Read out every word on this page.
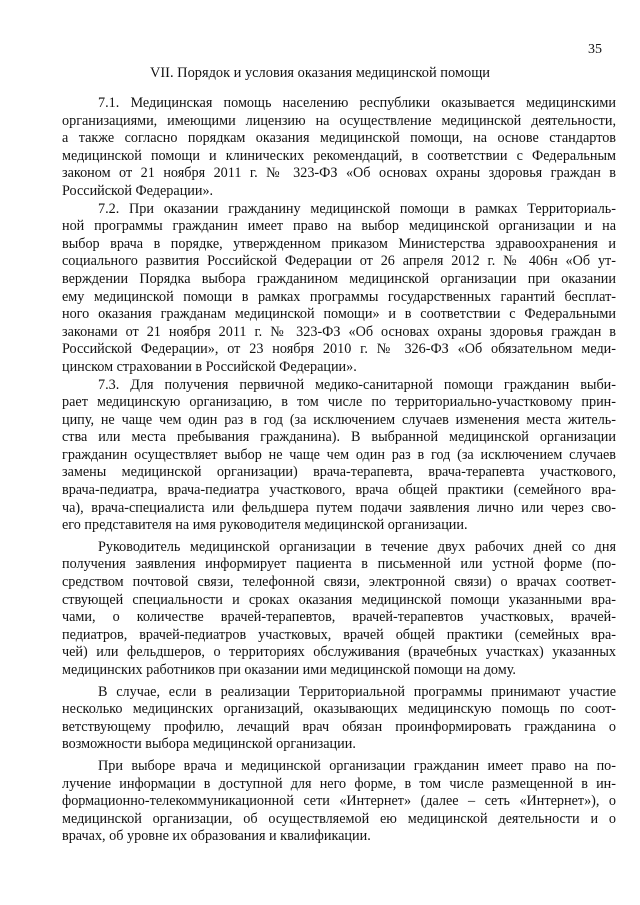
35
VII. Порядок и условия оказания медицинской помощи
7.1. Медицинская помощь населению республики оказывается медицинскими
организациями, имеющими лицензию на осуществление медицинской деятельности,
а также согласно порядкам оказания медицинской помощи, на основе стандартов
медицинской помощи и клинических рекомендаций, в соответствии с Федеральным
законом от 21 ноября 2011 г. № 323-ФЗ «Об основах охраны здоровья граждан в
Российской Федерации».
7.2. При оказании гражданину медицинской помощи в рамках Территориаль-
ной программы гражданин имеет право на выбор медицинской организации и на
выбор врача в порядке, утвержденном приказом Министерства здравоохранения и
социального развития Российской Федерации от 26 апреля 2012 г. № 406н «Об ут-
верждении Порядка выбора гражданином медицинской организации при оказании
ему медицинской помощи в рамках программы государственных гарантий бесплат-
ного оказания гражданам медицинской помощи» и в соответствии с Федеральными
законами от 21 ноября 2011 г. № 323-ФЗ «Об основах охраны здоровья граждан в
Российской Федерации», от 23 ноября 2010 г. № 326-ФЗ «Об обязательном меди-
цинском страховании в Российской Федерации».
7.3. Для получения первичной медико-санитарной помощи гражданин выби-
рает медицинскую организацию, в том числе по территориально-участковому прин-
ципу, не чаще чем один раз в год (за исключением случаев изменения места житель-
ства или места пребывания гражданина). В выбранной медицинской организации
гражданин осуществляет выбор не чаще чем один раз в год (за исключением случаев
замены медицинской организации) врача-терапевта, врача-терапевта участкового,
врача-педиатра, врача-педиатра участкового, врача общей практики (семейного вра-
ча), врача-специалиста или фельдшера путем подачи заявления лично или через сво-
его представителя на имя руководителя медицинской организации.
Руководитель медицинской организации в течение двух рабочих дней со дня
получения заявления информирует пациента в письменной или устной форме (по-
средством почтовой связи, телефонной связи, электронной связи) о врачах соответ-
ствующей специальности и сроках оказания медицинской помощи указанными вра-
чами, о количестве врачей-терапевтов, врачей-терапевтов участковых, врачей-
педиатров, врачей-педиатров участковых, врачей общей практики (семейных вра-
чей) или фельдшеров, о территориях обслуживания (врачебных участках) указанных
медицинских работников при оказании ими медицинской помощи на дому.
В случае, если в реализации Территориальной программы принимают участие
несколько медицинских организаций, оказывающих медицинскую помощь по соот-
ветствующему профилю, лечащий врач обязан проинформировать гражданина о
возможности выбора медицинской организации.
При выборе врача и медицинской организации гражданин имеет право на по-
лучение информации в доступной для него форме, в том числе размещенной в ин-
формационно-телекоммуникационной сети «Интернет» (далее – сеть «Интернет»), о
медицинской организации, об осуществляемой ею медицинской деятельности и о
врачах, об уровне их образования и квалификации.
